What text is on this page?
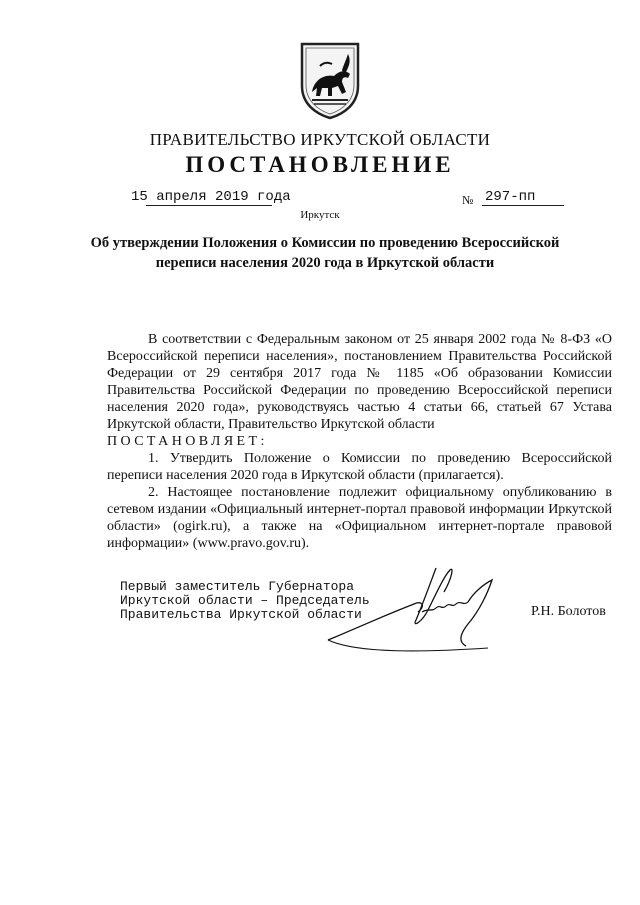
ПРАВИТЕЛЬСТВО ИРКУТСКОЙ ОБЛАСТИ
ПОСТАНОВЛЕНИЕ
15 апреля 2019 года	№ 297-пп
Иркутск
Об утверждении Положения о Комиссии по проведению Всероссийской переписи населения 2020 года в Иркутской области

В соответствии с Федеральным законом от 25 января 2002 года № 8-ФЗ «О Всероссийской переписи населения», постановлением Правительства Российской Федерации от 29 сентября 2017 года № 1185 «Об образовании Комиссии Правительства Российской Федерации по проведению Всероссийской переписи населения 2020 года», руководствуясь частью 4 статьи 66, статьей 67 Устава Иркутской области, Правительство Иркутской области

ПОСТАНОВЛЯЕТ:

1. Утвердить Положение о Комиссии по проведению Всероссийской переписи населения 2020 года в Иркутской области (прилагается).

2. Настоящее постановление подлежит официальному опубликованию в сетевом издании «Официальный интернет-портал правовой информации Иркутской области» (ogirk.ru), а также на «Официальном интернет-портале правовой информации» (www.pravo.gov.ru).

Первый заместитель Губернатора
Иркутской области – Председатель
Правительства Иркутской области	Р.Н. Болотов
